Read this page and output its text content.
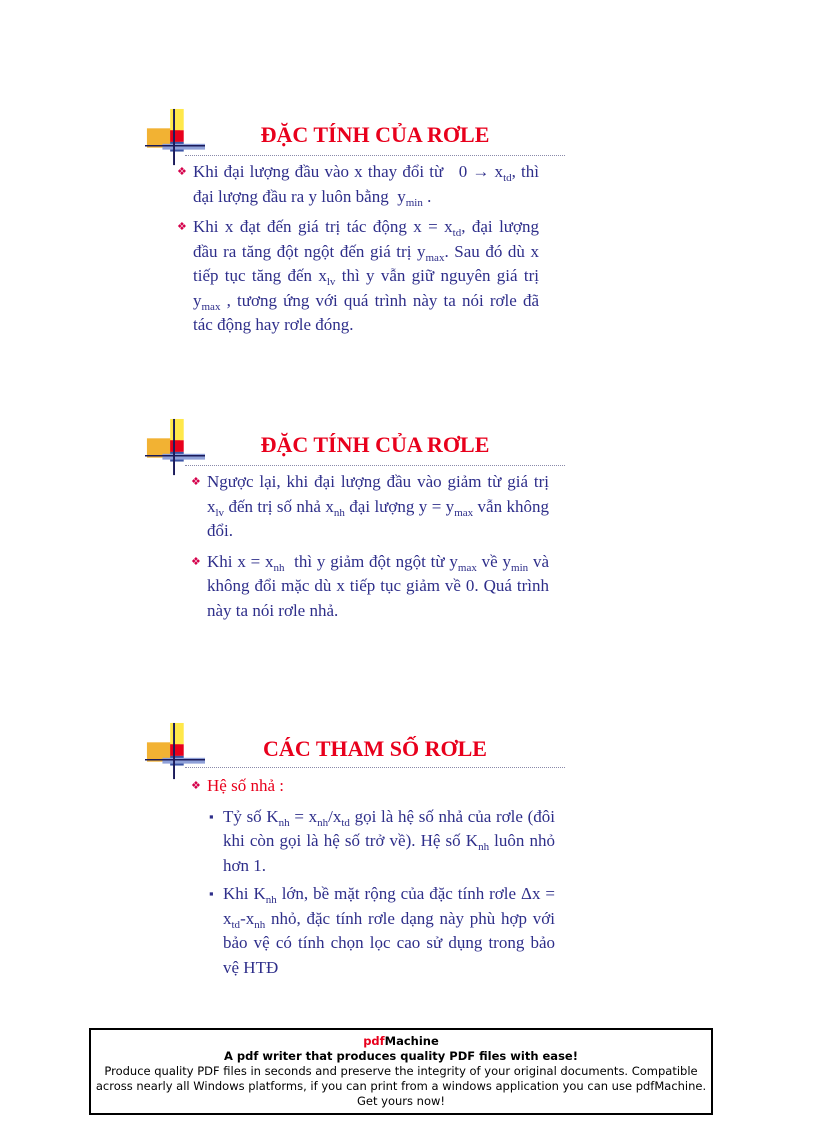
ĐẶC TÍNH CỦA RƠLE

❖ Khi đại lượng đầu vào x thay đổi từ   $0 \to x_{td}$, thì đại lượng đầu ra y luôn bằng  $y_{min}$ .

❖ Khi x đạt đến giá trị tác động $x = x_{td}$, đại lượng đầu ra tăng đột ngột đến giá trị $y_{max}$. Sau đó dù x tiếp tục tăng đến $x_{lv}$ thì y vẫn giữ nguyên giá trị $y_{max}$ , tương ứng với quá trình này ta nói rơle đã tác động hay rơle đóng.

ĐẶC TÍNH CỦA RƠLE

❖ Ngược lại, khi đại lượng đầu vào giảm từ giá trị $x_{lv}$ đến trị số nhả $x_{nh}$ đại lượng $y = y_{max}$ vẫn không đổi.

❖ Khi $x = x_{nh}$  thì y giảm đột ngột từ $y_{max}$ về $y_{min}$ và không đổi mặc dù x tiếp tục giảm về 0. Quá trình này ta nói rơle nhả.

CÁC THAM SỐ RƠLE

❖ Hệ số nhả :

▪ Tỷ số $K_{nh} = x_{nh}/x_{td}$ gọi là hệ số nhả của rơle (đôi khi còn gọi là hệ số trở về). Hệ số $K_{nh}$ luôn nhỏ hơn 1.
▪ Khi $K_{nh}$ lớn, bề mặt rộng của đặc tính rơle $\Delta x = x_{td}-x_{nh}$ nhỏ, đặc tính rơle dạng này phù hợp với bảo vệ có tính chọn lọc cao sử dụng trong bảo vệ HTĐ
pdfMachine
A pdf writer that produces quality PDF files with ease!
Produce quality PDF files in seconds and preserve the integrity of your original documents. Compatible across nearly all Windows platforms, if you can print from a windows application you can use pdfMachine.
Get yours now!
